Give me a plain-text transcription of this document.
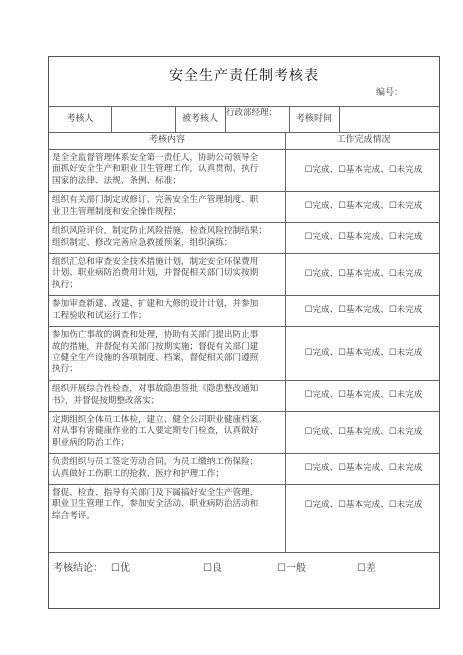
安全生产责任制考核表
编号：
考核人	被考核人
行政部经理：
考核时间
考核内容	工作完成情况
是全全监督管理体系安全第一责任人，协助公司领导全
面抓好安全生产和职业卫生管理工作，认真贯彻、执行
国家的法律、法规、条例、标准；
☐完成、☐基本完成、☐未完成
组织有关部门制定或修订、完善安全生产管理制度、职
业卫生管理制度和安全操作规程；
☐完成、☐基本完成、☐未完成
组织风险评价，制定防止风险措施，检查风险控制结果；
组织制定、修改完善应急救援预案，组织演练；
☐完成、☐基本完成、☐未完成
组织汇总和审查安全技术措施计划，制定安全环保费用
计划、职业病防治费用计划，并督促相关部门切实按期
执行；
☐完成、☐基本完成、☐未完成
参加审查新建、改建、扩建和大修的设计计划，并参加
工程验收和试运行工作；
☐完成、☐基本完成、☐未完成
参加伤亡事故的调查和处理，协助有关部门提出防止事
故的措施，并督促有关部门按期实施；督促有关部门建
立健全生产设施的各项制度、档案，督促相关部门遵照
执行；
☐完成、☐基本完成、☐未完成
组织开展综合性检查，对事故隐患签批《隐患整改通知
书》，并督促按期整改落实；
☐完成、☐基本完成、☐未完成
定期组织全体员工体检，建立、健全公司职业健康档案。
对从事有害健康作业的工人要定期专门检查，认真做好
职业病的防治工作；
☐完成、☐基本完成、☐未完成
负责组织与员工签定劳动合同，为员工缴纳工伤保险；
认真做好工伤职工的抢救、医疗和护理工作；
☐完成、☐基本完成、☐未完成
督促、检查、指导有关部门及下属搞好安全生产管理、
职业卫生管理工作，参加安全活动、职业病防治活动和
综合考评。
☐完成、☐基本完成、☐未完成
考核结论： ☐优	☐良	☐一般	☐差
